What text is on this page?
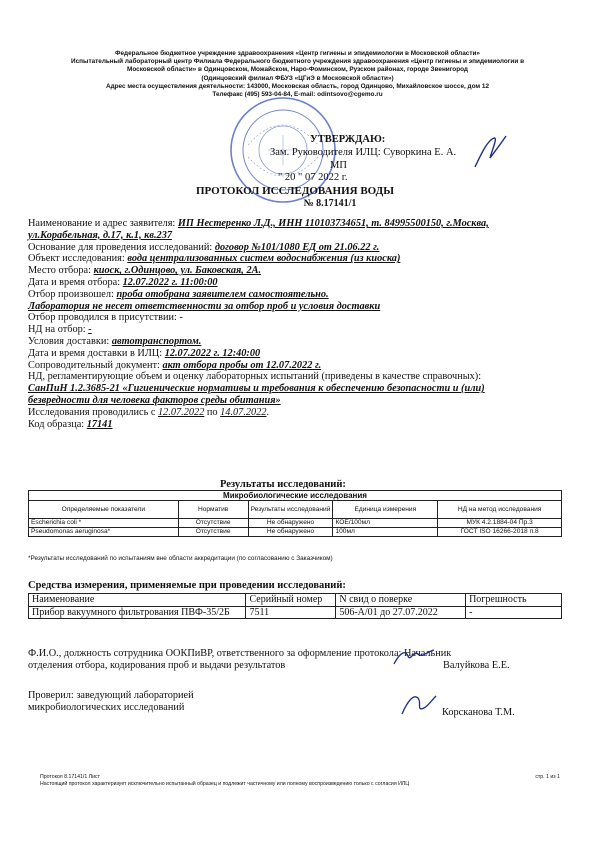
Федеральное бюджетное учреждение здравоохранения «Центр гигиены и эпидемиологии в Московской области»
Испытательный лабораторный центр Филиала Федерального бюджетного учреждения здравоохранения «Центр гигиены и эпидемиологии в
Московской области» в Одинцовском, Можайском, Наро-Фоминском, Рузском районах, городе Звенигород
(Одинцовский филиал ФБУЗ «ЦГиЭ в Московской области»)
Адрес места осуществления деятельности: 143000, Московская область, город Одинцово, Михайловское шоссе, дом 12
Телефакс (495) 593-04-84, E-mail: odintsovo@cgemo.ru
УТВЕРЖДАЮ:
Зам. Руководителя ИЛЦ: Суворкина Е. А.
МП
" 20 " 07 2022 г.
ПРОТОКОЛ ИССЛЕДОВАНИЯ ВОДЫ
№ 8.17141/1
Наименование и адрес заявителя: ИП Нестеренко Л.Д., ИНН 110103734651, т. 84995500150, г.Москва,
ул.Корабельная, д.17, к.1, кв.237
Основание для проведения исследований: договор №101/1080 ЕД от 21.06.22 г.
Объект исследования: вода централизованных систем водоснабжения (из киоска)
Место отбора: киоск, г.Одинцово, ул. Баковская, 2А.
Дата и время отбора: 12.07.2022 г. 11:00:00
Отбор произвошел: проба отобрана заявителем самостоятельно.
Лаборатория не несет ответственности за отбор проб и условия доставки
Отбор проводился в присутствии: -
НД на отбор: -
Условия доставки: автотранспортом.
Дата и время доставки в ИЛЦ: 12.07.2022 г. 12:40:00
Сопроводительный документ: акт отбора пробы от 12.07.2022 г.
НД, регламентирующие объем и оценку лабораторных испытаний (приведены в качестве справочных):
СанПиН 1.2.3685-21 «Гигиенические нормативы и требования к обеспечению безопасности и (или)
безвредности для человека факторов среды обитания»
Исследования проводились с 12.07.2022 по 14.07.2022.
Код образца: 17141
Результаты исследований:
Микробиологические исследования				
Определяемые показатели	Норматив	Результаты исследований	Единица измерения	НД на метод исследования
Escherichia coli *	Отсутствие	Не обнаружено	КОЕ/100мл	МУК 4.2.1884-04 Пр.3
Pseudomonas aeruginosa*	Отсутствие	Не обнаружено	100мл	ГОСТ ISO 16266-2018 п.8
*Результаты исследований по испытаниям вне области аккредитации (по согласованию с Заказчиком)
Средства измерения, применяемые при проведении исследований:
Наименование	Серийный номер	N свид о поверке	Погрешность
Прибор вакуумного фильтрования ПВФ-35/2Б	7511	506-А/01 до 27.07.2022	-
Ф.И.О., должность сотрудника ООКПиВР, ответственного за оформление протокола: Начальник
отделения отбора, кодирования проб и выдачи результатов	Валуйкова Е.Е.
Проверил: заведующий лабораторией
микробиологических исследований	Корсканова Т.М.
Протокол 8.17141/1 Лист	стр. 1 из 1
Настоящий протокол характеризует исключительно испытанный образец и подлежит частичному или полному воспроизведению только с согласия ИЛЦ
